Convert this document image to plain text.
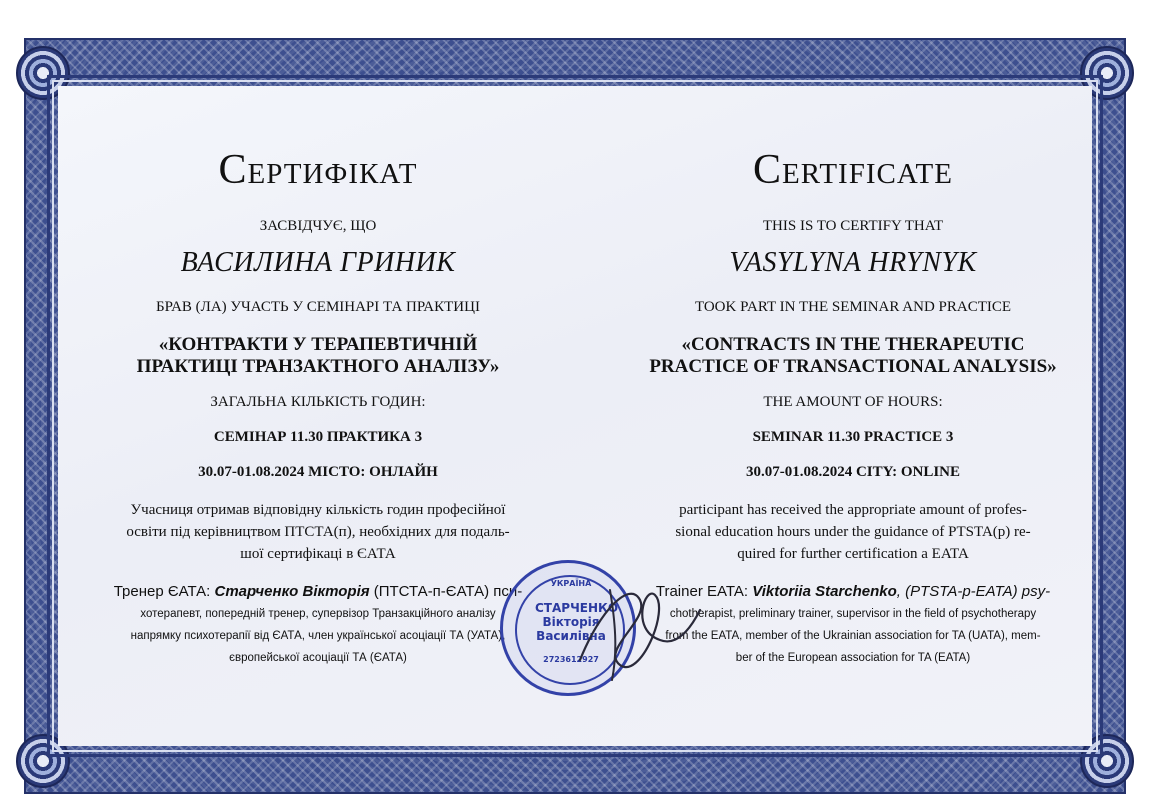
Сертифікат
ЗАСВІДЧУЄ, ЩО
ВАСИЛИНА ГРИНИК
БРАВ (ЛА) УЧАСТЬ У СЕМІНАРІ ТА ПРАКТИЦІ
«КОНТРАКТИ У ТЕРАПЕВТИЧНІЙ
ПРАКТИЦІ ТРАНЗАКТНОГО АНАЛІЗУ»
ЗАГАЛЬНА КІЛЬКІСТЬ ГОДИН:
СЕМІНАР 11.30 ПРАКТИКА 3
30.07-01.08.2024 МІСТО: ОНЛАЙН
Учасниця отримав відповідну кількість годин професійної
освіти під керівництвом ПТСТА(п), необхідних для подаль-
шої сертифікаці в ЄАТА
Тренер ЄАТА: Старченко Вікторія (ПТСТА-п-ЄАТА) пси-
хотерапевт, попередній тренер, супервізор Транзакційного аналізу
напрямку психотерапії від ЄАТА, член української асоціації ТА (УАТА),
європейської асоціації ТА (ЄАТА)
Certificate
THIS IS TO CERTIFY THAT
VASYLYNA HRYNYK
TOOK PART IN THE SEMINAR AND PRACTICE
«CONTRACTS IN THE THERAPEUTIC
PRACTICE OF TRANSACTIONAL ANALYSIS»
THE AMOUNT OF HOURS:
SEMINAR 11.30 PRACTICE 3
30.07-01.08.2024 CITY: ONLINE
participant has received the appropriate amount of profes-
sional education hours under the guidance of PTSTA(p) re-
quired for further certification a EATA
Trainer EATA: Viktoriia Starchenko, (PTSTA-p-EATA) psy-
chotherapist, preliminary trainer, supervisor in the field of psychotherapy
from the EATA, member of the Ukrainian association for TA (UATA), mem-
ber of the European association for TA (EATA)
УКРАЇНА
СТАРЧЕНКО
Вікторія
Василівна
2723612927
